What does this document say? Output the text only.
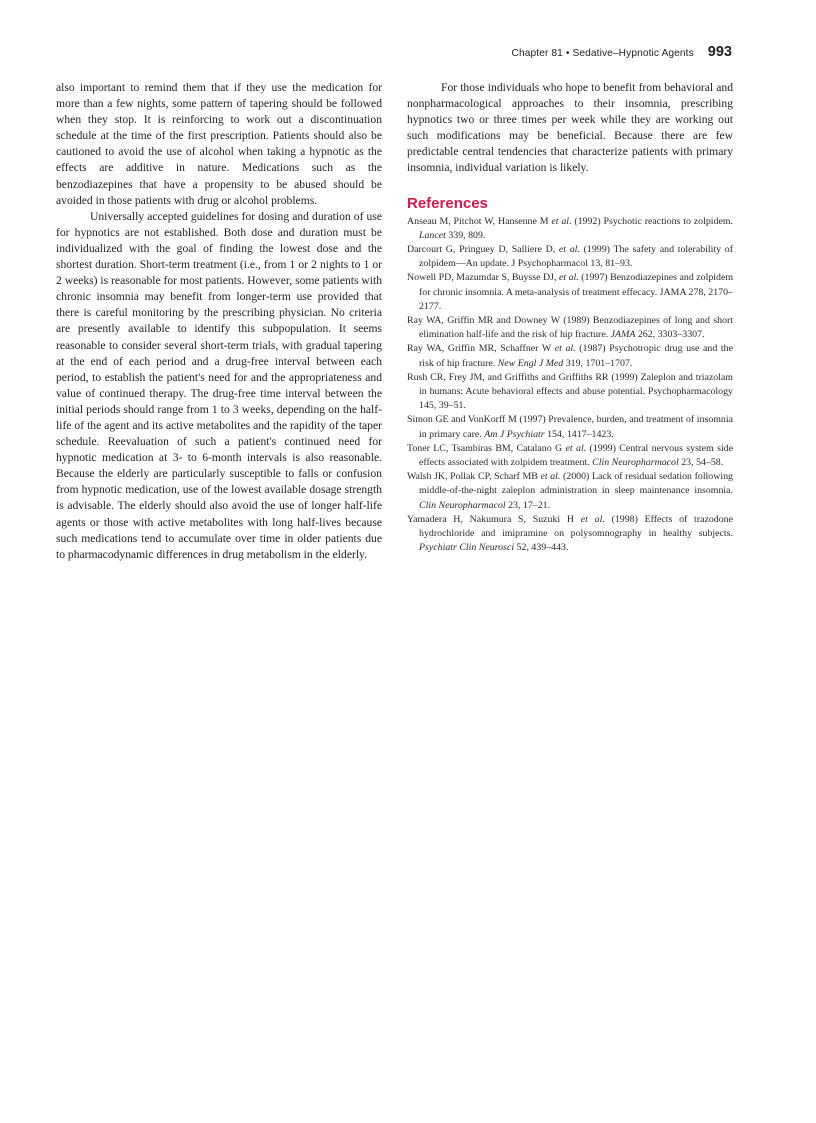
Chapter 81 • Sedative–Hypnotic Agents 993

also important to remind them that if they use the medication for more than a few nights, some pattern of tapering should be followed when they stop. It is reinforcing to work out a discontinuation schedule at the time of the first prescription. Patients should also be cautioned to avoid the use of alcohol when taking a hypnotic as the effects are additive in nature. Medications such as the benzodiazepines that have a propensity to be abused should be avoided in those patients with drug or alcohol problems.

Universally accepted guidelines for dosing and duration of use for hypnotics are not established. Both dose and duration must be individualized with the goal of finding the lowest dose and the shortest duration. Short-term treatment (i.e., from 1 or 2 nights to 1 or 2 weeks) is reasonable for most patients. However, some patients with chronic insomnia may benefit from longer-term use provided that there is careful monitoring by the prescribing physician. No criteria are presently available to identify this subpopulation. It seems reasonable to consider several short-term trials, with gradual tapering at the end of each period and a drug-free interval between each period, to establish the patient's need for and the appropriateness and value of continued therapy. The drug-free time interval between the initial periods should range from 1 to 3 weeks, depending on the half-life of the agent and its active metabolites and the rapidity of the taper schedule. Reevaluation of such a patient's continued need for hypnotic medication at 3- to 6-month intervals is also reasonable. Because the elderly are particularly susceptible to falls or confusion from hypnotic medication, use of the lowest available dosage strength is advisable. The elderly should also avoid the use of longer half-life agents or those with active metabolites with long half-lives because such medications tend to accumulate over time in older patients due to pharmacodynamic differences in drug metabolism in the elderly.

For those individuals who hope to benefit from behavioral and nonpharmacological approaches to their insomnia, prescribing hypnotics two or three times per week while they are working out such modifications may be beneficial. Because there are few predictable central tendencies that characterize patients with primary insomnia, individual variation is likely.

References

Anseau M, Pitchot W, Hansenne M et al. (1992) Psychotic reactions to zolpidem. Lancet 339, 809.

Darcourt G, Pringuey D, Salliere D, et al. (1999) The safety and tolerability of zolpidem—An update. J Psychopharmacol 13, 81–93.

Nowell PD, Mazumdar S, Buysse DJ, et al. (1997) Benzodiazepines and zolpidem for chronic insomnia. A meta-analysis of treatment effecacy. JAMA 278, 2170–2177.

Ray WA, Griffin MR and Downey W (1989) Benzodiazepines of long and short elimination half-life and the risk of hip fracture. JAMA 262, 3303–3307.

Ray WA, Griffin MR, Schaffner W et al. (1987) Psychotropic drug use and the risk of hip fracture. New Engl J Med 319, 1701–1707.

Rush CR, Frey JM, and Griffiths and Griffiths RR (1999) Zaleplon and triazolam in humans: Acute behavioral effects and abuse potential. Psychopharmacology 145, 39–51.

Simon GE and VonKorff M (1997) Prevalence, burden, and treatment of insomnia in primary care. Am J Psychiatr 154, 1417–1423.

Toner LC, Tsambiras BM, Catalano G et al. (1999) Central nervous system side effects associated with zolpidem treatment. Clin Neuropharmacol 23, 54–58.

Walsh JK, Pollak CP, Scharf MB et al. (2000) Lack of residual sedation following middle-of-the-night zaleplon administration in sleep maintenance insomnia. Clin Neuropharmacol 23, 17–21.

Yamadera H, Nakumura S, Suzuki H et al. (1998) Effects of trazodone hydrochloride and imipramine on polysomnography in healthy subjects. Psychiatr Clin Neurosci 52, 439–443.
